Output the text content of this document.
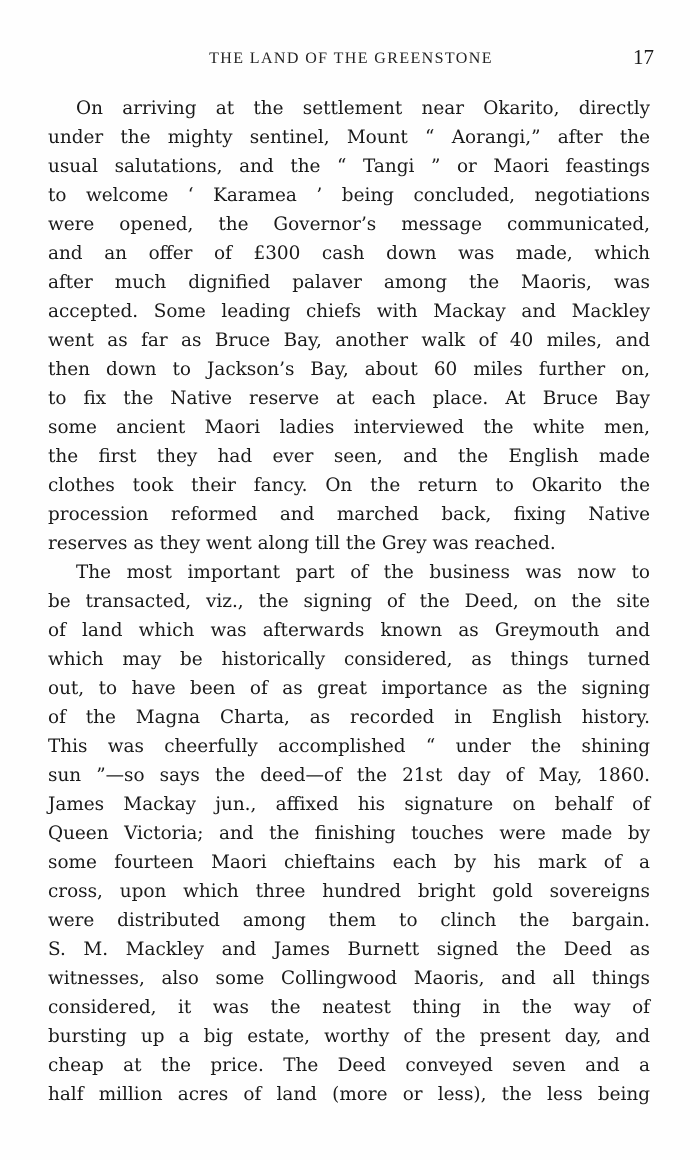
THE LAND OF THE GREENSTONE	17
On arriving at the settlement near Okarito, directly
under the mighty sentinel, Mount “ Aorangi,” after the
usual salutations, and the “ Tangi ” or Maori feastings
to welcome ‘ Karamea ’ being concluded, negotiations
were opened, the Governor’s message communicated,
and an offer of £300 cash down was made, which
after much dignified palaver among the Maoris, was
accepted. Some leading chiefs with Mackay and Mackley
went as far as Bruce Bay, another walk of 40 miles, and
then down to Jackson’s Bay, about 60 miles further on,
to fix the Native reserve at each place. At Bruce Bay
some ancient Maori ladies interviewed the white men,
the first they had ever seen, and the English made
clothes took their fancy. On the return to Okarito the
procession reformed and marched back, fixing Native
reserves as they went along till the Grey was reached.
The most important part of the business was now to
be transacted, viz., the signing of the Deed, on the site
of land which was afterwards known as Greymouth and
which may be historically considered, as things turned
out, to have been of as great importance as the signing
of the Magna Charta, as recorded in English history.
This was cheerfully accomplished “ under the shining
sun ”—so says the deed—of the 21st day of May, 1860.
James Mackay jun., affixed his signature on behalf of
Queen Victoria; and the finishing touches were made by
some fourteen Maori chieftains each by his mark of a
cross, upon which three hundred bright gold sovereigns
were distributed among them to clinch the bargain.
S. M. Mackley and James Burnett signed the Deed as
witnesses, also some Collingwood Maoris, and all things
considered, it was the neatest thing in the way of
bursting up a big estate, worthy of the present day, and
cheap at the price. The Deed conveyed seven and a
half million acres of land (more or less), the less being
